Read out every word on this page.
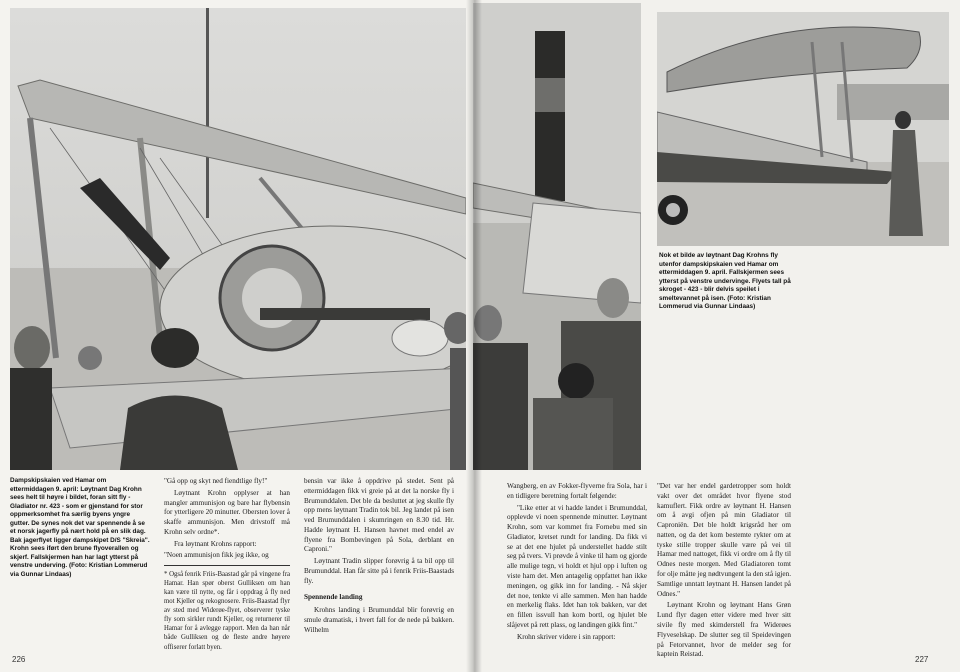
Dampskipskaien ved Hamar om ettermiddagen 9. april: Løytnant Dag Krohn sees helt til høyre i bildet, foran sitt fly - Gladiator nr. 423 - som er gjenstand for stor oppmerksomhet fra særlig byens yngre gutter. De synes nok det var spennende å se et norsk jagerfly på nært hold på en slik dag. Bak jagerflyet ligger dampskipet D/S "Skreia". Krohn sees iført den brune flyoverallen og skjerf. Fallskjermen han har lagt ytterst på venstre underving. (Foto: Kristian Lommerud via Gunnar Lindaas)

"Gå opp og skyt ned fiendtlige fly!"

Løytnant Krohn opplyser at han mangler ammunisjon og bare har flybensin for ytterligere 20 minutter. Obersten lover å skaffe ammunisjon. Men drivstoff må Krohn selv ordne*.

Fra løytnant Krohns rapport:

"Noen ammunisjon fikk jeg ikke, og

* Også fenrik Friis-Baastad går på vingene fra Hamar. Han spør oberst Gulliksen om han kan være til nytte, og får i oppdrag å fly ned mot Kjeller og rekognosere. Friis-Baastad flyr av sted med Widerøe-flyet, observerer tyske fly som sirkler rundt Kjeller, og returnerer til Hamar for å avlegge rapport. Men da han når både Gulliksen og de fleste andre høyere offiserer forlatt byen.

bensin var ikke å oppdrive på stedet. Sent på ettermiddagen fikk vi greie på at det la norske fly i Brumunddalen. Det ble da besluttet at jeg skulle fly opp mens løytnant Tradin tok bil. Jeg landet på isen ved Brumunddalen i skumringen en 8.30 tid. Hr. Hadde løytnant H. Hansen havnet med endel av flyene fra Bombevingen på Sola, derblant en Caproni."

Løytnant Tradin slipper forøvrig å ta bil opp til Brumunddal. Han får sitte på i fenrik Friis-Baastads fly.

Spennende landing

Krohns landing i Brumunddal blir forøvrig en smule dramatisk, i hvert fall for de nede på bakken. Wilhelm

226
Nok et bilde av løytnant Dag Krohns fly utenfor dampskipskaien ved Hamar om ettermiddagen 9. april. Fallskjermen sees ytterst på venstre undervinge. Flyets tall på skroget - 423 - blir delvis speilet i smeltevannet på isen. (Foto: Kristian Lommerud via Gunnar Lindaas)

Wangberg, en av Fokker-flyverne fra Sola, har i en tidligere beretning fortalt følgende:

"Like etter at vi hadde landet i Brumunddal, opplevde vi noen spennende minutter. Løytnant Krohn, som var kommet fra Fornebu med sin Gladiator, kretset rundt for landing. Da fikk vi se at det ene hjulet på understellet hadde stilt seg på tvers. Vi prøvde å vinke til ham og gjorde alle mulige tegn, vi holdt et hjul opp i luften og viste ham det. Men antagelig oppfattet han ikke meningen, og gikk inn for landing. - Nå skjer det noe, tenkte vi alle sammen. Men han hadde en merkelig flaks. Idet han tok bakken, var det en fillen issvull han kom bortl, og hjulet ble slåjevet på rett plass, og landingen gikk fint."

Krohn skriver videre i sin rapport:

"Det var her endel gardetropper som holdt vakt over det området hvor flyene stod kamuflert. Fikk ordre av løytnant H. Hansen om å avgi ofjen på min Gladiator til Caproniën. Det ble holdt krigsråd her om natten, og da det kom bestemte rykter om at tyske stille tropper skulle være på vei til Hamar med nattoget, fikk vi ordre om å fly til Odnes neste morgen. Med Gladiatoren tomt for olje måtte jeg nødtvungent la den stå igjen. Samtlige unntatt løytnant H. Hansen landet på Odnes."

Løytnant Krohn og løytnant Hans Grøn Lund flyr dagen etter videre med hver sitt sivile fly med skimderstell fra Widerøes Flyveselskap. De slutter seg til Speidevingen på Fetorvannet, hvor de melder seg for kaptein Reistad.

227
